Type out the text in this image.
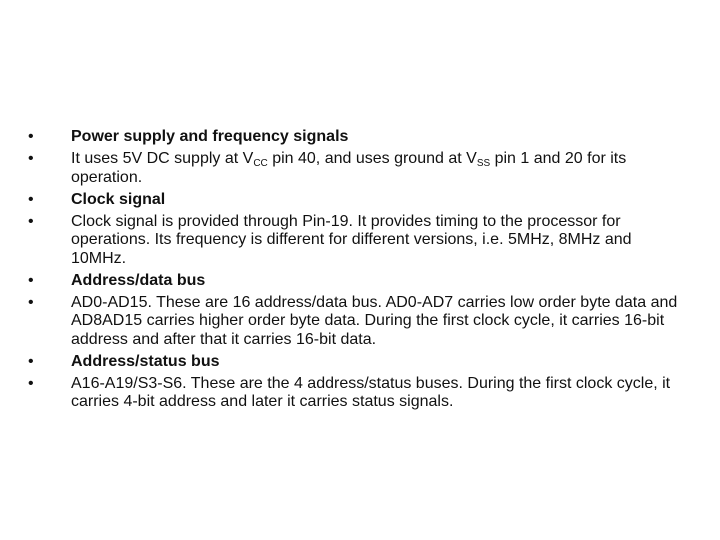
•	Power supply and frequency signals
•	It uses 5V DC supply at $V_{CC}$ pin 40, and uses ground at $V_{SS}$ pin 1 and 20 for its operation.
•	Clock signal
•	Clock signal is provided through Pin-19. It provides timing to the processor for operations. Its frequency is different for different versions, i.e. 5MHz, 8MHz and 10MHz.
•	Address/data bus
•	AD0-AD15. These are 16 address/data bus. AD0-AD7 carries low order byte data and AD8AD15 carries higher order byte data. During the first clock cycle, it carries 16-bit address and after that it carries 16-bit data.
•	Address/status bus
•	A16-A19/S3-S6. These are the 4 address/status buses. During the first clock cycle, it carries 4-bit address and later it carries status signals.
